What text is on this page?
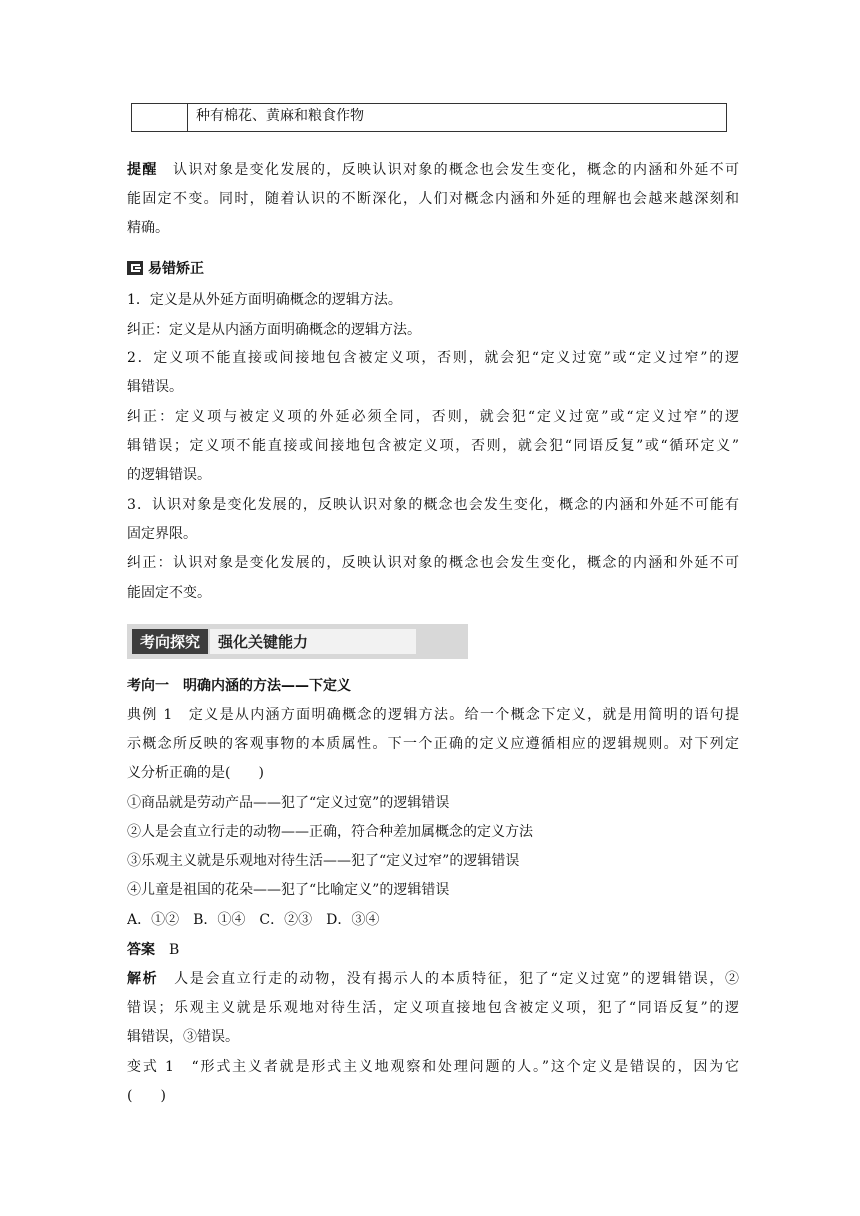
种有棉花、黄麻和粮食作物
提醒　 认识对象是变化发展的，反映认识对象的概念也会发生变化，概念的内涵和外延不可
能固定不变。同时，随着认识的不断深化，人们对概念内涵和外延的理解也会越来越深刻和
精确。
易错矫正
1．定义是从外延方面明确概念的逻辑方法。
纠正：定义是从内涵方面明确概念的逻辑方法。
2．定义项不能直接或间接地包含被定义项，否则，就会犯“定义过宽”或“定义过窄”的逻
辑错误。
纠正：定义项与被定义项的外延必须全同，否则，就会犯“定义过宽”或“定义过窄”的逻
辑错误；定义项不能直接或间接地包含被定义项，否则，就会犯“同语反复”或“循环定义”
的逻辑错误。
3．认识对象是变化发展的，反映认识对象的概念也会发生变化，概念的内涵和外延不可能有
固定界限。
纠正：认识对象是变化发展的，反映认识对象的概念也会发生变化，概念的内涵和外延不可
能固定不变。
考向探究	强化关键能力
考向一　明确内涵的方法——下定义
典例 1　定义是从内涵方面明确概念的逻辑方法。给一个概念下定义，就是用简明的语句提
示概念所反映的客观事物的本质属性。下一个正确的定义应遵循相应的逻辑规则。对下列定
义分析正确的是(　　)
①商品就是劳动产品——犯了“定义过宽”的逻辑错误
②人是会直立行走的动物——正确，符合种差加属概念的定义方法
③乐观主义就是乐观地对待生活——犯了“定义过窄”的逻辑错误
④儿童是祖国的花朵——犯了“比喻定义”的逻辑错误
A．①②　B．①④　C．②③　D．③④
答案　 B
解析　 人是会直立行走的动物，没有揭示人的本质特征，犯了“定义过宽”的逻辑错误，②
错误；乐观主义就是乐观地对待生活，定义项直接地包含被定义项，犯了“同语反复”的逻
辑错误，③错误。
变式 1　“形式主义者就是形式主义地观察和处理问题的人。”这个定义是错误的，因为它
(　　)
